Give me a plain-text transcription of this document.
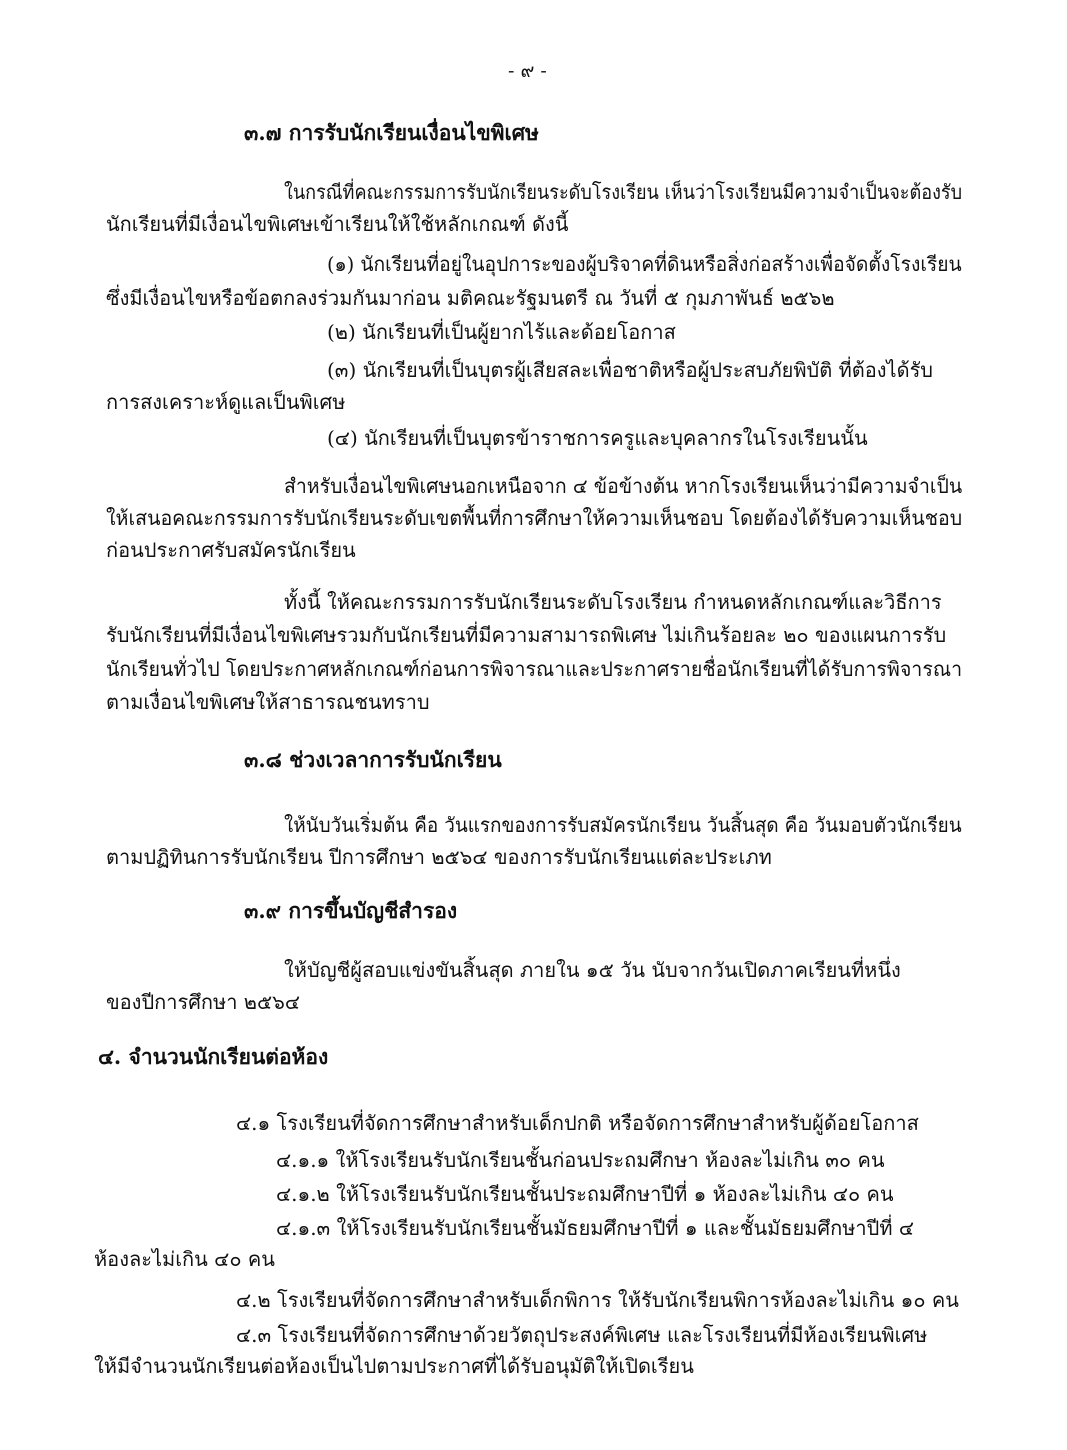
- ๙ -
๓.๗ การรับนักเรียนเงื่อนไขพิเศษ
ในกรณีที่คณะกรรมการรับนักเรียนระดับโรงเรียน เห็นว่าโรงเรียนมีความจำเป็นจะต้องรับ
นักเรียนที่มีเงื่อนไขพิเศษเข้าเรียนให้ใช้หลักเกณฑ์ ดังนี้
(๑) นักเรียนที่อยู่ในอุปการะของผู้บริจาคที่ดินหรือสิ่งก่อสร้างเพื่อจัดตั้งโรงเรียน
ซึ่งมีเงื่อนไขหรือข้อตกลงร่วมกันมาก่อน มติคณะรัฐมนตรี ณ วันที่ ๕ กุมภาพันธ์ ๒๕๖๒
(๒) นักเรียนที่เป็นผู้ยากไร้และด้อยโอกาส
(๓) นักเรียนที่เป็นบุตรผู้เสียสละเพื่อชาติหรือผู้ประสบภัยพิบัติ ที่ต้องได้รับ
การสงเคราะห์ดูแลเป็นพิเศษ
(๔) นักเรียนที่เป็นบุตรข้าราชการครูและบุคลากรในโรงเรียนนั้น
สำหรับเงื่อนไขพิเศษนอกเหนือจาก ๔ ข้อข้างต้น หากโรงเรียนเห็นว่ามีความจำเป็น
ให้เสนอคณะกรรมการรับนักเรียนระดับเขตพื้นที่การศึกษาให้ความเห็นชอบ โดยต้องได้รับความเห็นชอบ
ก่อนประกาศรับสมัครนักเรียน
ทั้งนี้ ให้คณะกรรมการรับนักเรียนระดับโรงเรียน กำหนดหลักเกณฑ์และวิธีการ
รับนักเรียนที่มีเงื่อนไขพิเศษรวมกับนักเรียนที่มีความสามารถพิเศษ ไม่เกินร้อยละ ๒๐ ของแผนการรับ
นักเรียนทั่วไป โดยประกาศหลักเกณฑ์ก่อนการพิจารณาและประกาศรายชื่อนักเรียนที่ได้รับการพิจารณา
ตามเงื่อนไขพิเศษให้สาธารณชนทราบ
๓.๘ ช่วงเวลาการรับนักเรียน
ให้นับวันเริ่มต้น คือ วันแรกของการรับสมัครนักเรียน วันสิ้นสุด คือ วันมอบตัวนักเรียน
ตามปฏิทินการรับนักเรียน ปีการศึกษา ๒๕๖๔ ของการรับนักเรียนแต่ละประเภท
๓.๙ การขึ้นบัญชีสำรอง
ให้บัญชีผู้สอบแข่งขันสิ้นสุด ภายใน ๑๕ วัน นับจากวันเปิดภาคเรียนที่หนึ่ง
ของปีการศึกษา ๒๕๖๔
๔. จำนวนนักเรียนต่อห้อง
๔.๑ โรงเรียนที่จัดการศึกษาสำหรับเด็กปกติ หรือจัดการศึกษาสำหรับผู้ด้อยโอกาส
๔.๑.๑ ให้โรงเรียนรับนักเรียนชั้นก่อนประถมศึกษา ห้องละไม่เกิน ๓๐ คน
๔.๑.๒ ให้โรงเรียนรับนักเรียนชั้นประถมศึกษาปีที่ ๑ ห้องละไม่เกิน ๔๐ คน
๔.๑.๓ ให้โรงเรียนรับนักเรียนชั้นมัธยมศึกษาปีที่ ๑ และชั้นมัธยมศึกษาปีที่ ๔
ห้องละไม่เกิน ๔๐ คน
๔.๒ โรงเรียนที่จัดการศึกษาสำหรับเด็กพิการ ให้รับนักเรียนพิการห้องละไม่เกิน ๑๐ คน
๔.๓ โรงเรียนที่จัดการศึกษาด้วยวัตถุประสงค์พิเศษ และโรงเรียนที่มีห้องเรียนพิเศษ
ให้มีจำนวนนักเรียนต่อห้องเป็นไปตามประกาศที่ได้รับอนุมัติให้เปิดเรียน
